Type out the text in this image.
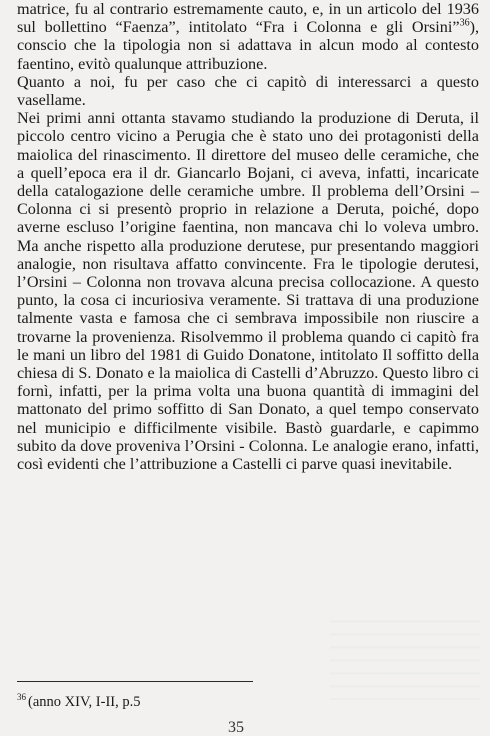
matrice, fu al contrario estremamente cauto, e, in un articolo del 1936 sul bollettino “Faenza”, intitolato “Fra i Colonna e gli Orsini”$^{36}$), conscio che la tipologia non si adattava in alcun modo al contesto faentino, evitò qualunque attribuzione.

Quanto a noi, fu per caso che ci capitò di interessarci a questo vasellame.

Nei primi anni ottanta stavamo studiando la produzione di Deruta, il piccolo centro vicino a Perugia che è stato uno dei protagonisti della maiolica del rinascimento. Il direttore del museo delle ceramiche, che a quell’epoca era il dr. Giancarlo Bojani, ci aveva, infatti, incaricate della catalogazione delle ceramiche umbre. Il problema dell’Orsini – Colonna ci si presentò proprio in relazione a Deruta, poiché, dopo averne escluso l’origine faentina, non mancava chi lo voleva umbro. Ma anche rispetto alla produzione derutese, pur presentando maggiori analogie, non risultava affatto convincente. Fra le tipologie derutesi, l’Orsini – Colonna non trovava alcuna precisa collocazione. A questo punto, la cosa ci incuriosiva veramente. Si trattava di una produzione talmente vasta e famosa che ci sembrava impossibile non riuscire a trovarne la provenienza. Risolvemmo il problema quando ci capitò fra le mani un libro del 1981 di Guido Donatone, intitolato Il soffitto della chiesa di S. Donato e la maiolica di Castelli d’Abruzzo. Questo libro ci fornì, infatti, per la prima volta una buona quantità di immagini del mattonato del primo soffitto di San Donato, a quel tempo conservato nel municipio e difficilmente visibile. Bastò guardarle, e capimmo subito da dove proveniva l’Orsini - Colonna. Le analogie erano, infatti, così evidenti che l’attribuzione a Castelli ci parve quasi inevitabile.

$^{36}$ (anno XIV, I-II, p.5
35
